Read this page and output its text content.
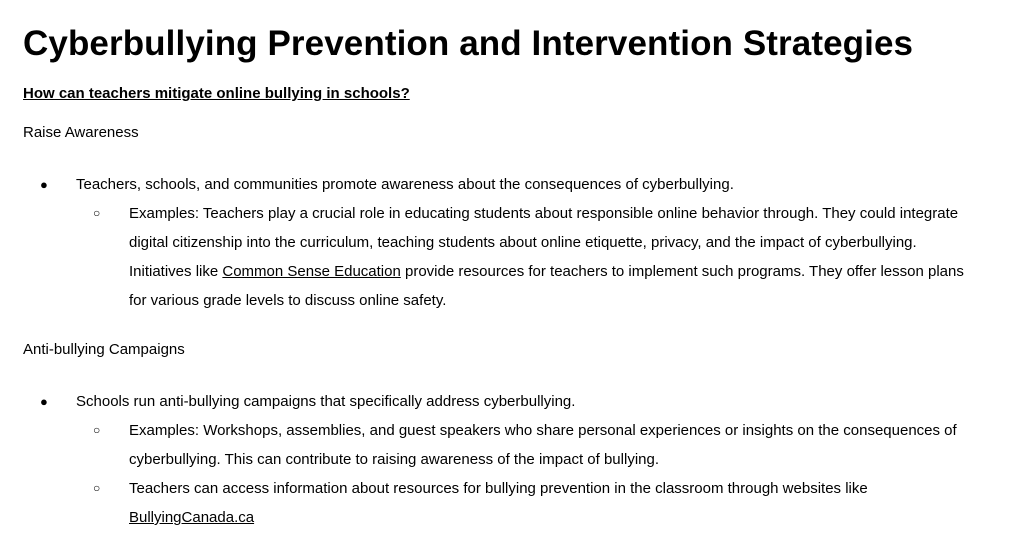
Cyberbullying Prevention and Intervention Strategies

How can teachers mitigate online bullying in schools?

Raise Awareness

● Teachers, schools, and communities promote awareness about the consequences of cyberbullying.
○ Examples: Teachers play a crucial role in educating students about responsible online behavior through. They could integrate digital citizenship into the curriculum, teaching students about online etiquette, privacy, and the impact of cyberbullying. Initiatives like Common Sense Education provide resources for teachers to implement such programs. They offer lesson plans for various grade levels to discuss online safety.

Anti-bullying Campaigns

● Schools run anti-bullying campaigns that specifically address cyberbullying.
○ Examples: Workshops, assemblies, and guest speakers who share personal experiences or insights on the consequences of cyberbullying. This can contribute to raising awareness of the impact of bullying.
○ Teachers can access information about resources for bullying prevention in the classroom through websites like BullyingCanada.ca
